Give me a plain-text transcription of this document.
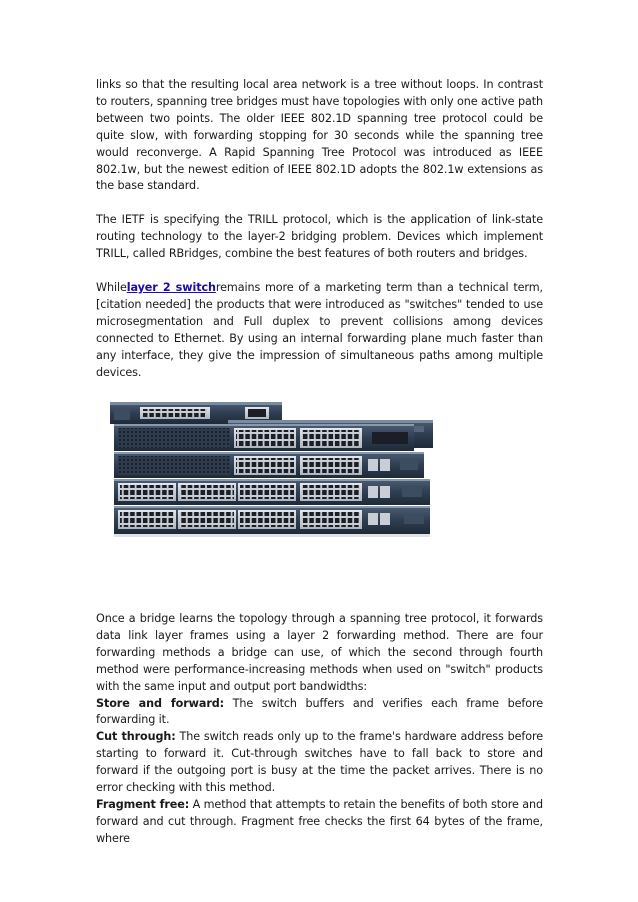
links so that the resulting local area network is a tree without loops. In contrast to routers, spanning tree bridges must have topologies with only one active path between two points. The older IEEE 802.1D spanning tree protocol could be quite slow, with forwarding stopping for 30 seconds while the spanning tree would reconverge. A Rapid Spanning Tree Protocol was introduced as IEEE 802.1w, but the newest edition of IEEE 802.1D adopts the 802.1w extensions as the base standard.

The IETF is specifying the TRILL protocol, which is the application of link-state routing technology to the layer-2 bridging problem. Devices which implement TRILL, called RBridges, combine the best features of both routers and bridges.

Whilelayer 2 switchremains more of a marketing term than a technical term,[citation needed] the products that were introduced as "switches" tended to use microsegmentation and Full duplex to prevent collisions among devices connected to Ethernet. By using an internal forwarding plane much faster than any interface, they give the impression of simultaneous paths among multiple devices.

Once a bridge learns the topology through a spanning tree protocol, it forwards data link layer frames using a layer 2 forwarding method. There are four forwarding methods a bridge can use, of which the second through fourth method were performance-increasing methods when used on "switch" products with the same input and output port bandwidths:

Store and forward: The switch buffers and verifies each frame before forwarding it.

Cut through: The switch reads only up to the frame's hardware address before starting to forward it. Cut-through switches have to fall back to store and forward if the outgoing port is busy at the time the packet arrives. There is no error checking with this method.

Fragment free: A method that attempts to retain the benefits of both store and forward and cut through. Fragment free checks the first 64 bytes of the frame, where
